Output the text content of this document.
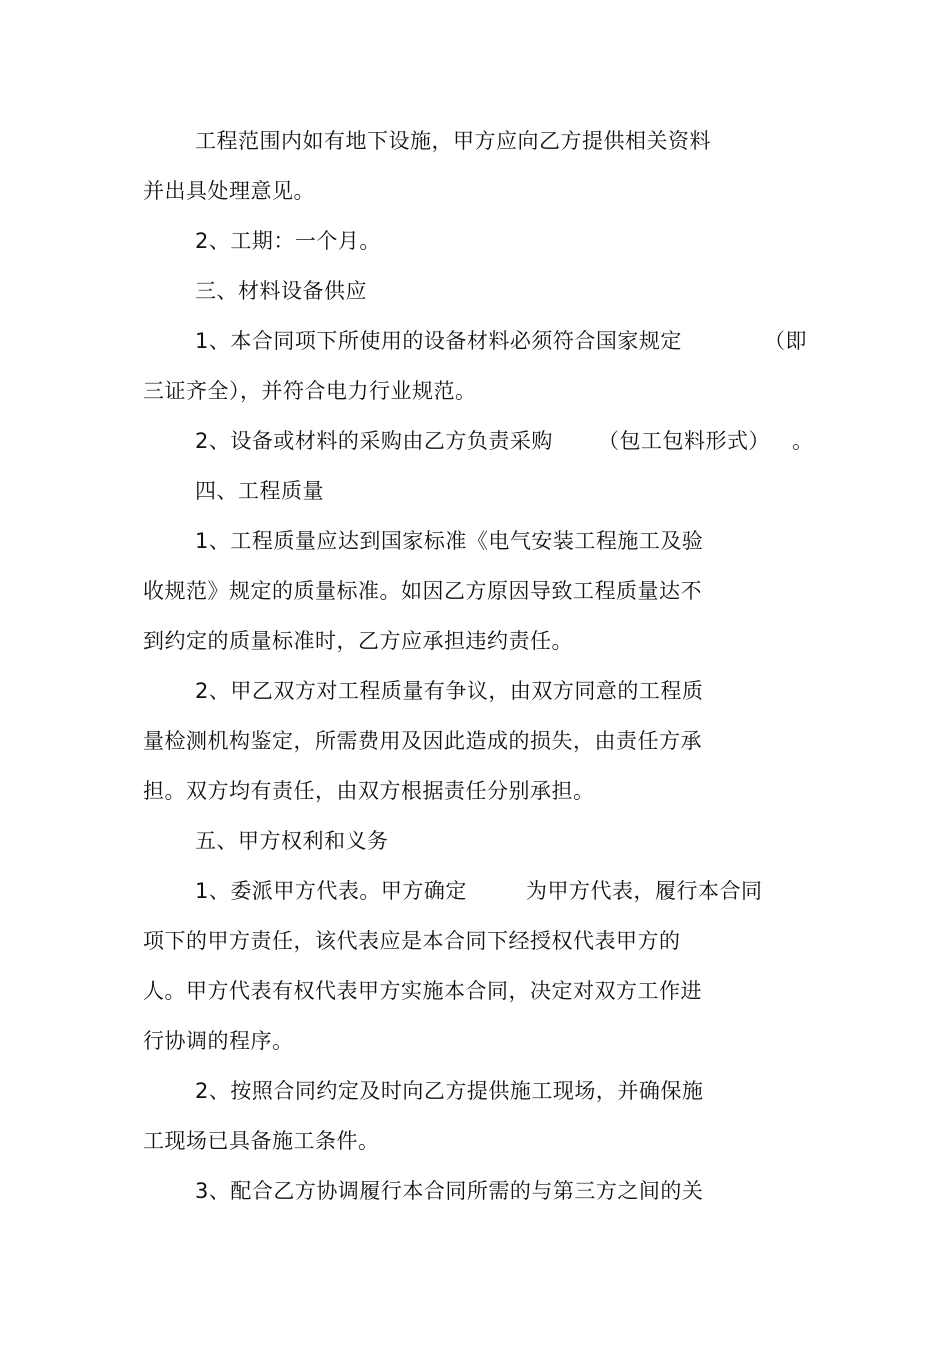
工程范围内如有地下设施，甲方应向乙方提供相关资料
并出具处理意见。
2、工期：一个月。
三、材料设备供应
1、本合同项下所使用的设备材料必须符合国家规定	（即
三证齐全），并符合电力行业规范。
2、设备或材料的采购由乙方负责采购 （包工包料形式） 。
四、工程质量
1、工程质量应达到国家标准《电气安装工程施工及验
收规范》规定的质量标准。如因乙方原因导致工程质量达不
到约定的质量标准时，乙方应承担违约责任。
2、甲乙双方对工程质量有争议，由双方同意的工程质
量检测机构鉴定，所需费用及因此造成的损失，由责任方承
担。双方均有责任，由双方根据责任分别承担。
五、甲方权利和义务
1、委派甲方代表。甲方确定	为甲方代表，履行本合同
项下的甲方责任，该代表应是本合同下经授权代表甲方的
人。甲方代表有权代表甲方实施本合同，决定对双方工作进
行协调的程序。
2、按照合同约定及时向乙方提供施工现场，并确保施
工现场已具备施工条件。
3、配合乙方协调履行本合同所需的与第三方之间的关
